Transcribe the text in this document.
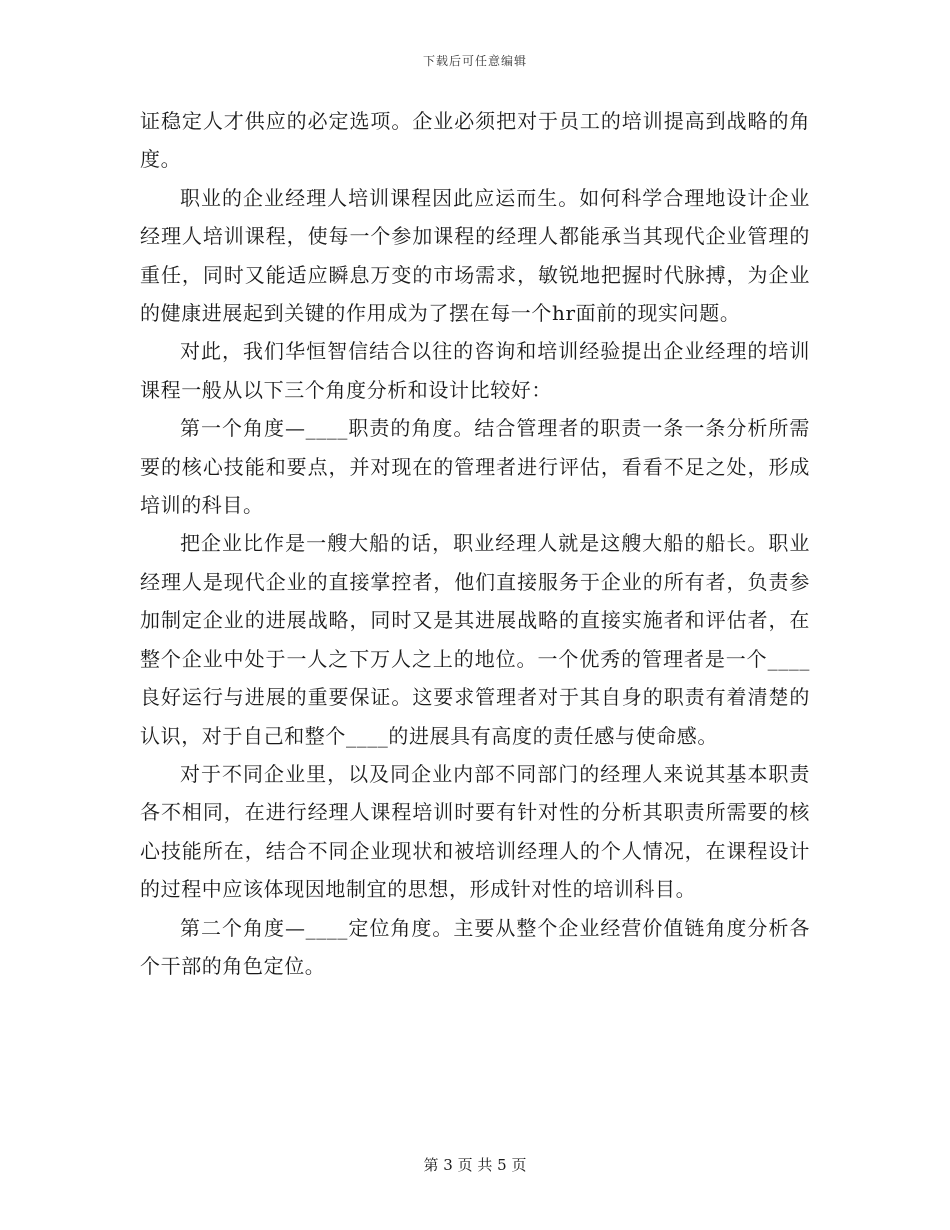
下载后可任意编辑

证稳定人才供应的必定选项。企业必须把对于员工的培训提高到战略的角度。

职业的企业经理人培训课程因此应运而生。如何科学合理地设计企业经理人培训课程，使每一个参加课程的经理人都能承当其现代企业管理的重任，同时又能适应瞬息万变的市场需求，敏锐地把握时代脉搏，为企业的健康进展起到关键的作用成为了摆在每一个hr面前的现实问题。

对此，我们华恒智信结合以往的咨询和培训经验提出企业经理的培训课程一般从以下三个角度分析和设计比较好：

第一个角度—____职责的角度。结合管理者的职责一条一条分析所需要的核心技能和要点，并对现在的管理者进行评估，看看不足之处，形成培训的科目。

把企业比作是一艘大船的话，职业经理人就是这艘大船的船长。职业经理人是现代企业的直接掌控者，他们直接服务于企业的所有者，负责参加制定企业的进展战略，同时又是其进展战略的直接实施者和评估者，在整个企业中处于一人之下万人之上的地位。一个优秀的管理者是一个____良好运行与进展的重要保证。这要求管理者对于其自身的职责有着清楚的认识，对于自己和整个____的进展具有高度的责任感与使命感。

对于不同企业里，以及同企业内部不同部门的经理人来说其基本职责各不相同，在进行经理人课程培训时要有针对性的分析其职责所需要的核心技能所在，结合不同企业现状和被培训经理人的个人情况，在课程设计的过程中应该体现因地制宜的思想，形成针对性的培训科目。

第二个角度—____定位角度。主要从整个企业经营价值链角度分析各个干部的角色定位。

第 3 页 共 5 页
